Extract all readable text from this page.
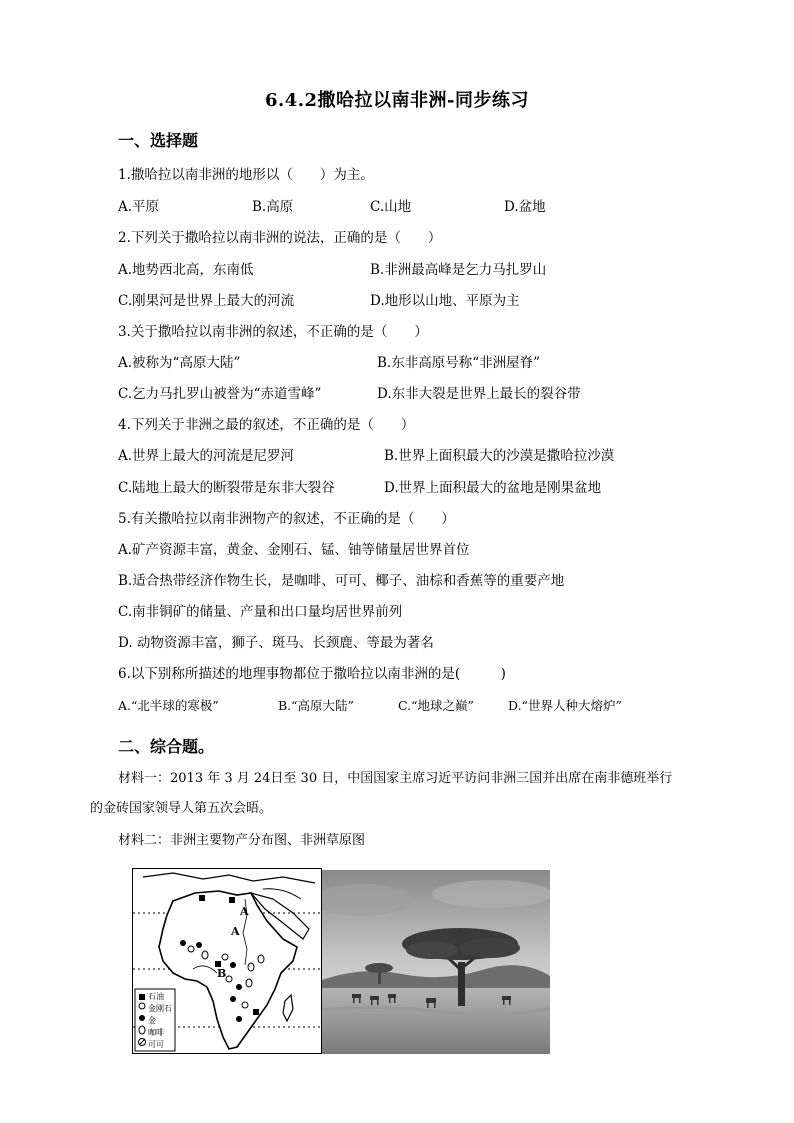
6.4.2撒哈拉以南非洲-同步练习
一、选择题
1.撒哈拉以南非洲的地形以（　　）为主。
A.平原	B.高原	C.山地	D.盆地
2.下列关于撒哈拉以南非洲的说法，正确的是（　　）
A.地势西北高，东南低	B.非洲最高峰是乞力马扎罗山
C.刚果河是世界上最大的河流	D.地形以山地、平原为主
3.关于撒哈拉以南非洲的叙述，不正确的是（　　）
A.被称为“高原大陆”	B.东非高原号称“非洲屋脊”
C.乞力马扎罗山被誉为“赤道雪峰”	D.东非大裂是世界上最长的裂谷带
4.下列关于非洲之最的叙述，不正确的是（　　）
A.世界上最大的河流是尼罗河	B.世界上面积最大的沙漠是撒哈拉沙漠
C.陆地上最大的断裂带是东非大裂谷	D.世界上面积最大的盆地是刚果盆地
5.有关撒哈拉以南非洲物产的叙述，不正确的是（　　）
A.矿产资源丰富，黄金、金刚石、锰、铀等储量居世界首位
B.适合热带经济作物生长，是咖啡、可可、椰子、油棕和香蕉等的重要产地
C.南非铜矿的储量、产量和出口量均居世界前列
D. 动物资源丰富，狮子、斑马、长颈鹿、等最为著名
6.以下别称所描述的地理事物都位于撒哈拉以南非洲的是(　　　)
A.“北半球的寒极”	B.“高原大陆”	C.“地球之巅”	D.“世界人种大熔炉”
二、综合题。
材料一：2013 年 3 月 24日至 30 日，中国国家主席习近平访问非洲三国并出席在南非德班举行
的金砖国家领导人第五次会晤。
材料二：非洲主要物产分布图、非洲草原图
A
A
B
石油
金刚石
金
咖啡
可可
